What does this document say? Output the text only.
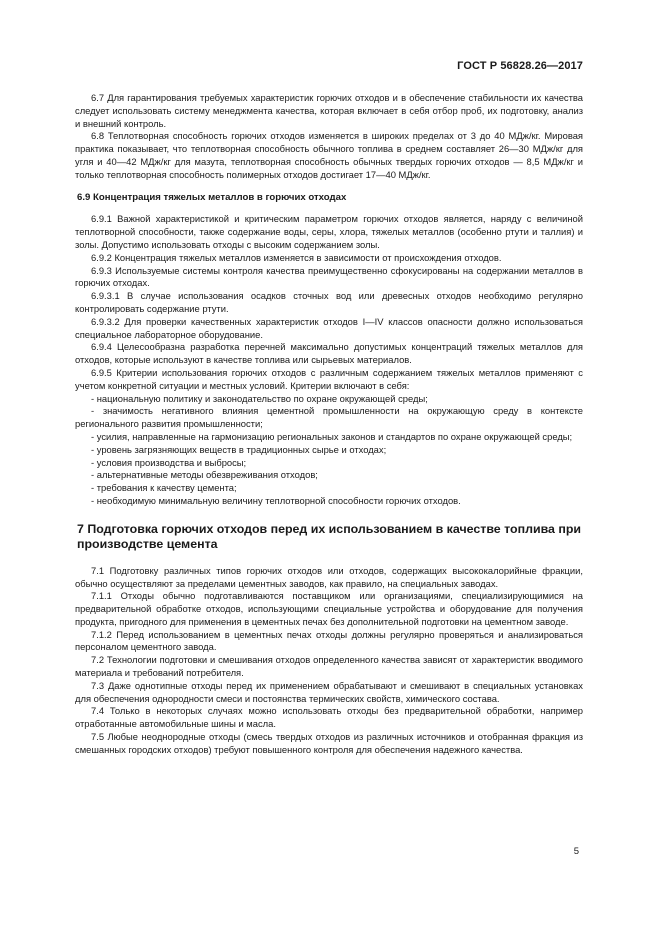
ГОСТ Р 56828.26—2017

6.7 Для гарантирования требуемых характеристик горючих отходов и в обеспечение стабильности их качества следует использовать систему менеджмента качества, которая включает в себя отбор проб, их подготовку, анализ и внешний контроль.

6.8 Теплотворная способность горючих отходов изменяется в широких пределах от 3 до 40 МДж/кг. Мировая практика показывает, что теплотворная способность обычного топлива в среднем составляет 26—30 МДж/кг для угля и 40—42 МДж/кг для мазута, теплотворная способность обычных твердых горючих отходов — 8,5 МДж/кг и только теплотворная способность полимерных отходов достигает 17—40 МДж/кг.

6.9 Концентрация тяжелых металлов в горючих отходах

6.9.1 Важной характеристикой и критическим параметром горючих отходов является, наряду с величиной теплотворной способности, также содержание воды, серы, хлора, тяжелых металлов (особенно ртути и таллия) и золы. Допустимо использовать отходы с высоким содержанием золы.

6.9.2 Концентрация тяжелых металлов изменяется в зависимости от происхождения отходов.

6.9.3 Используемые системы контроля качества преимущественно сфокусированы на содержании металлов в горючих отходах.

6.9.3.1 В случае использования осадков сточных вод или древесных отходов необходимо регулярно контролировать содержание ртути.

6.9.3.2 Для проверки качественных характеристик отходов I—IV классов опасности должно использоваться специальное лабораторное оборудование.

6.9.4 Целесообразна разработка перечней максимально допустимых концентраций тяжелых металлов для отходов, которые используют в качестве топлива или сырьевых материалов.

6.9.5 Критерии использования горючих отходов с различным содержанием тяжелых металлов применяют с учетом конкретной ситуации и местных условий. Критерии включают в себя:

- национальную политику и законодательство по охране окружающей среды;
- значимость негативного влияния цементной промышленности на окружающую среду в контексте регионального развития промышленности;
- усилия, направленные на гармонизацию региональных законов и стандартов по охране окружающей среды;
- уровень загрязняющих веществ в традиционных сырье и отходах;
- условия производства и выбросы;
- альтернативные методы обезвреживания отходов;
- требования к качеству цемента;
- необходимую минимальную величину теплотворной способности горючих отходов.
7 Подготовка горючих отходов перед их использованием в качестве топлива при производстве цемента

7.1 Подготовку различных типов горючих отходов или отходов, содержащих высококалорийные фракции, обычно осуществляют за пределами цементных заводов, как правило, на специальных заводах.

7.1.1 Отходы обычно подготавливаются поставщиком или организациями, специализирующимися на предварительной обработке отходов, использующими специальные устройства и оборудование для получения продукта, пригодного для применения в цементных печах без дополнительной подготовки на цементном заводе.

7.1.2 Перед использованием в цементных печах отходы должны регулярно проверяться и анализироваться персоналом цементного завода.

7.2 Технологии подготовки и смешивания отходов определенного качества зависят от характеристик вводимого материала и требований потребителя.

7.3 Даже однотипные отходы перед их применением обрабатывают и смешивают в специальных установках для обеспечения однородности смеси и постоянства термических свойств, химического состава.

7.4 Только в некоторых случаях можно использовать отходы без предварительной обработки, например отработанные автомобильные шины и масла.

7.5 Любые неоднородные отходы (смесь твердых отходов из различных источников и отобранная фракция из смешанных городских отходов) требуют повышенного контроля для обеспечения надежного качества.

5
